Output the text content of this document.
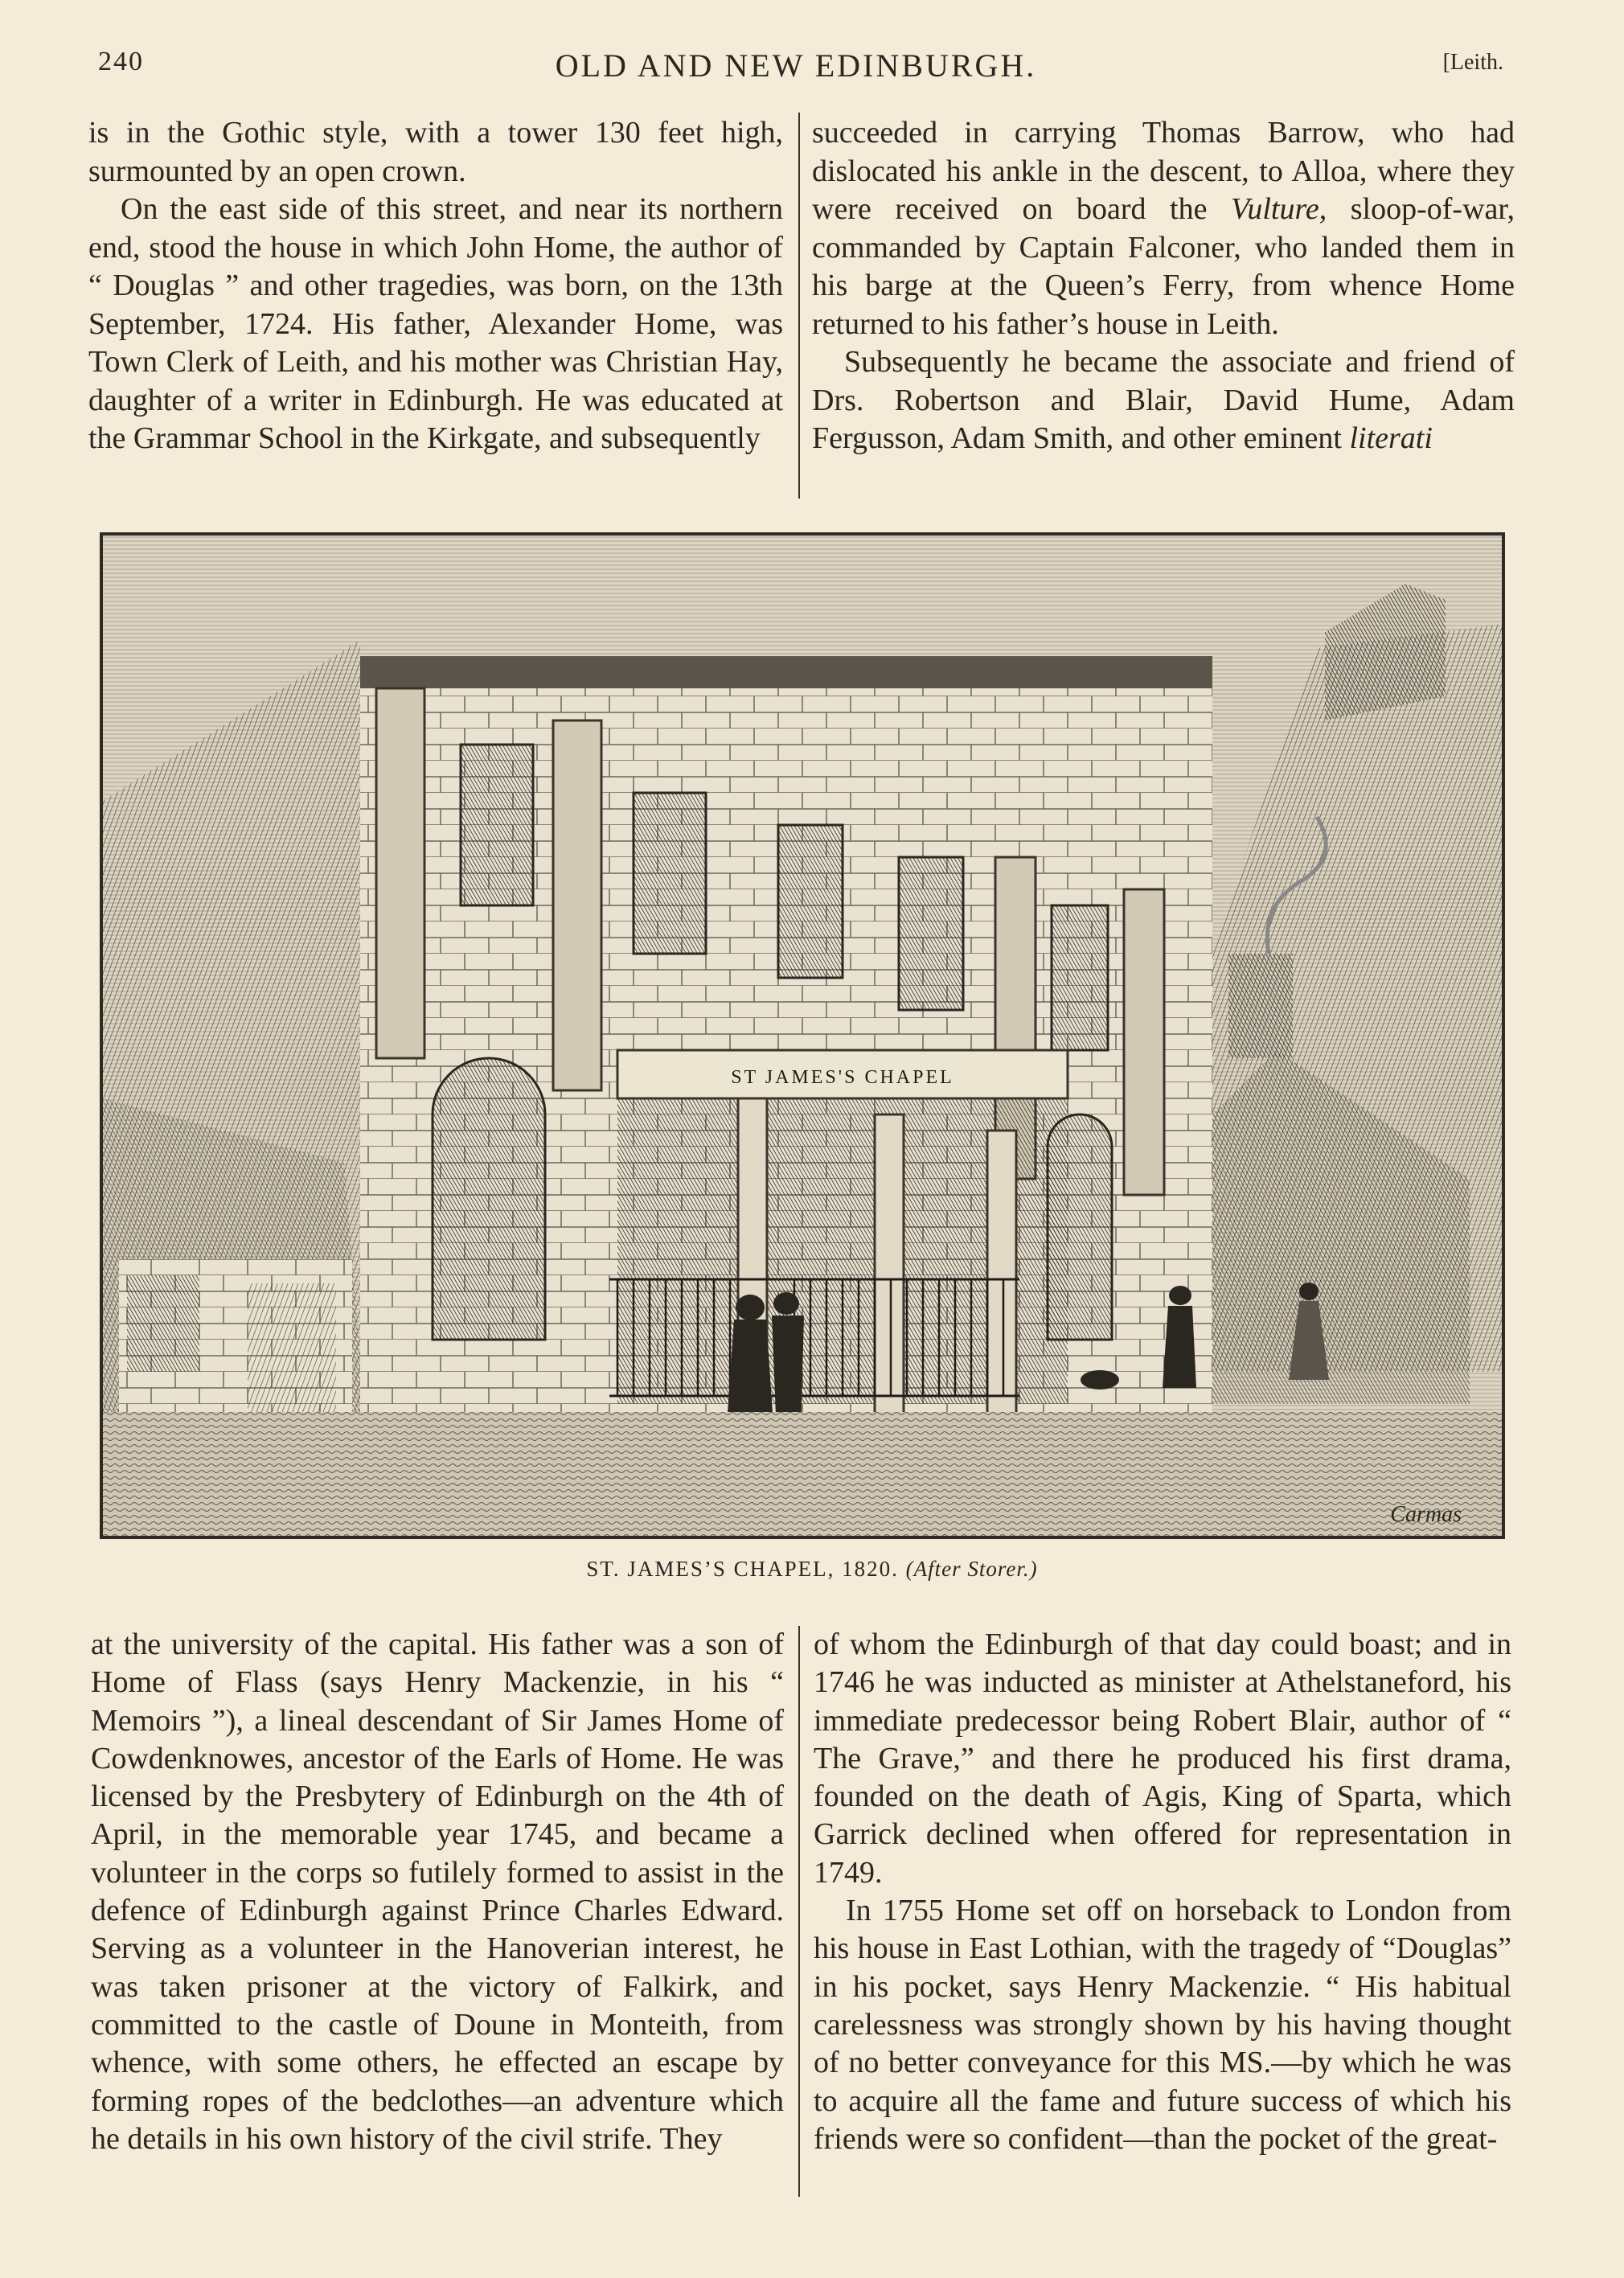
240	OLD AND NEW EDINBURGH.	[Leith.

is in the Gothic style, with a tower 130 feet high, surmounted by an open crown.

On the east side of this street, and near its northern end, stood the house in which John Home, the author of “ Douglas ” and other tragedies, was born, on the 13th September, 1724. His father, Alexander Home, was Town Clerk of Leith, and his mother was Christian Hay, daughter of a writer in Edinburgh. He was educated at the Grammar School in the Kirkgate, and subsequently

succeeded in carrying Thomas Barrow, who had dislocated his ankle in the descent, to Alloa, where they were received on board the Vulture, sloop-of-war, commanded by Captain Falconer, who landed them in his barge at the Queen’s Ferry, from whence Home returned to his father’s house in Leith.

Subsequently he became the associate and friend of Drs. Robertson and Blair, David Hume, Adam Fergusson, Adam Smith, and other eminent literati

ST JAMES'S CHAPEL
Carmas
ST. JAMES’S CHAPEL, 1820. (After Storer.)

at the university of the capital. His father was a son of Home of Flass (says Henry Mackenzie, in his “ Memoirs ”), a lineal descendant of Sir James Home of Cowdenknowes, ancestor of the Earls of Home. He was licensed by the Presbytery of Edinburgh on the 4th of April, in the memorable year 1745, and became a volunteer in the corps so futilely formed to assist in the defence of Edinburgh against Prince Charles Edward. Serving as a volunteer in the Hanoverian interest, he was taken prisoner at the victory of Falkirk, and committed to the castle of Doune in Monteith, from whence, with some others, he effected an escape by forming ropes of the bedclothes—an adventure which he details in his own history of the civil strife. They

of whom the Edinburgh of that day could boast; and in 1746 he was inducted as minister at Athelstaneford, his immediate predecessor being Robert Blair, author of “ The Grave,” and there he produced his first drama, founded on the death of Agis, King of Sparta, which Garrick declined when offered for representation in 1749.

In 1755 Home set off on horseback to London from his house in East Lothian, with the tragedy of “Douglas” in his pocket, says Henry Mackenzie. “ His habitual carelessness was strongly shown by his having thought of no better conveyance for this MS.—by which he was to acquire all the fame and future success of which his friends were so confident—than the pocket of the great-
